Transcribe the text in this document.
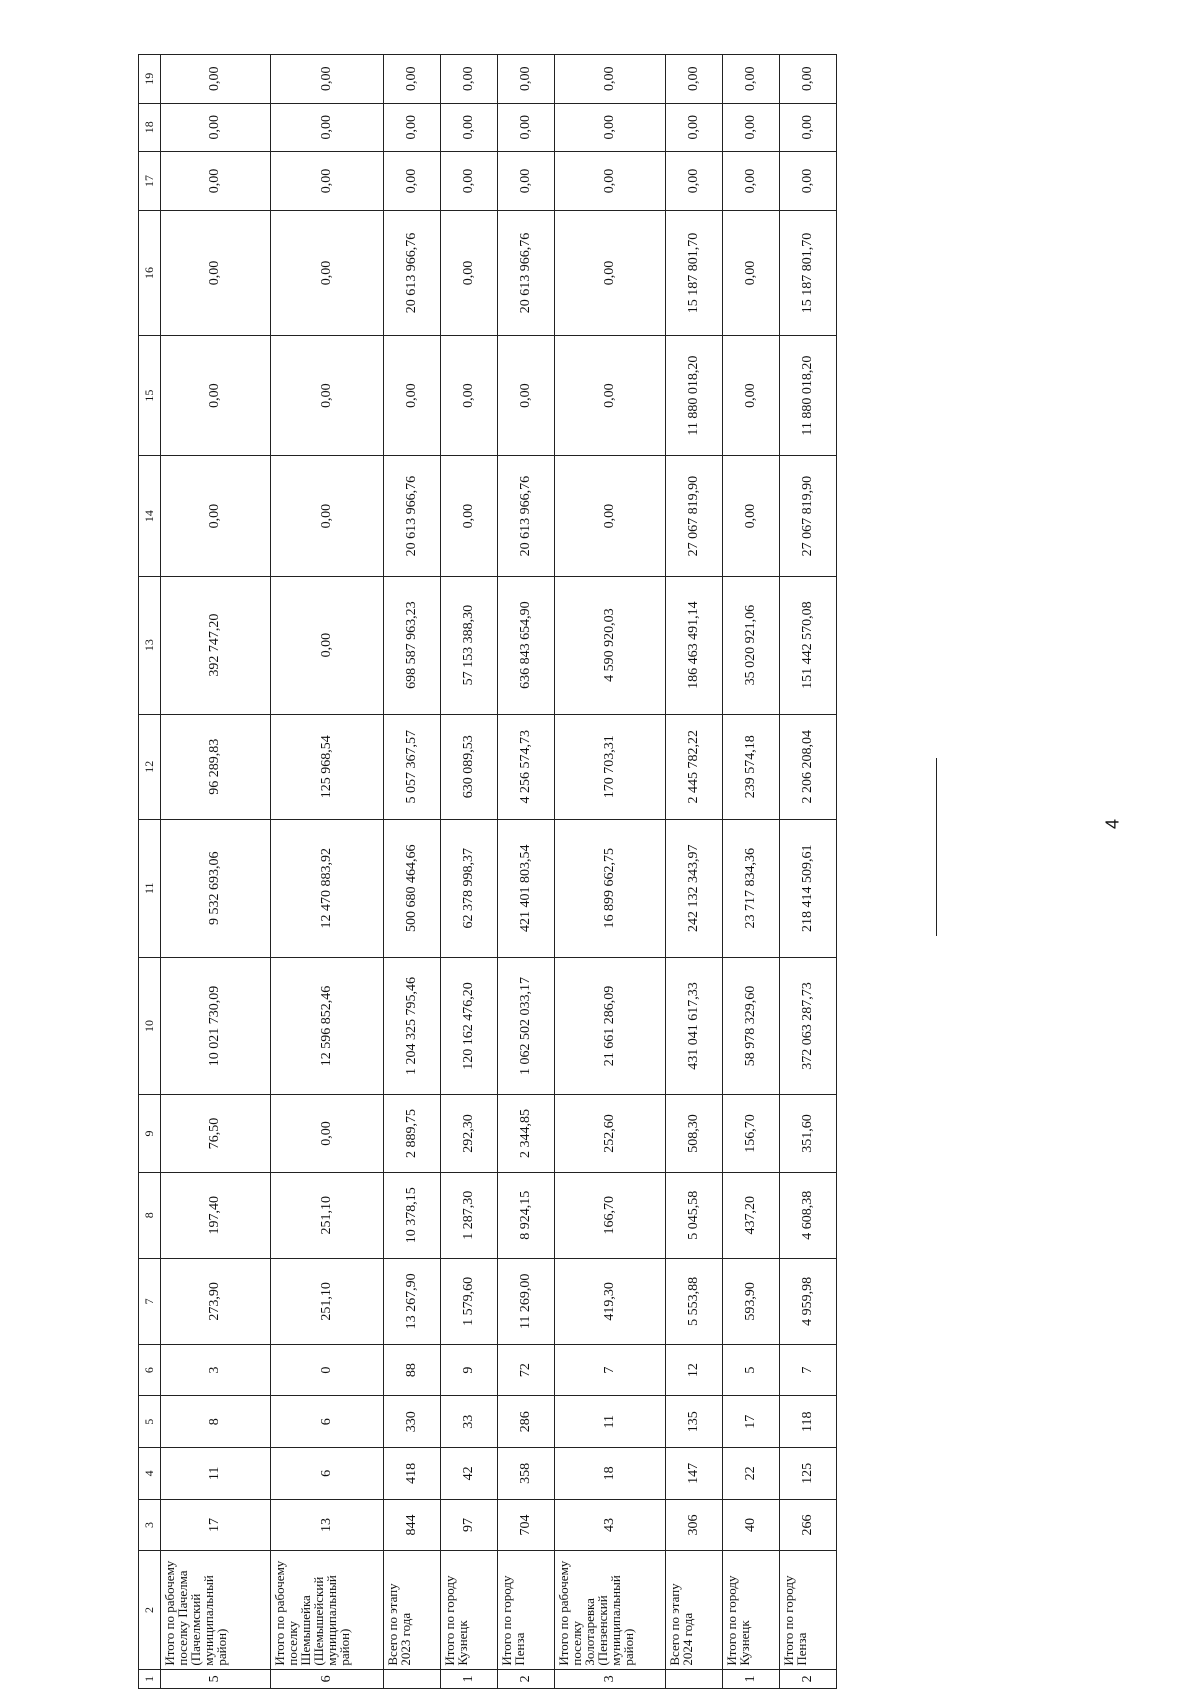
4
1	2	3	4	5	6	7	8	9	10	11	12	13	14	15	16	17	18	19
5	Итого по рабочему поселку Пачелма (Пачелмский муниципальный район)	17	11	8	3	273,90	197,40	76,50	10 021 730,09	9 532 693,06	96 289,83	392 747,20	0,00	0,00	0,00	0,00	0,00	0,00
6	Итого по рабочему поселку Шемышейка (Шемышейский муниципальный район)	13	6	6	0	251,10	251,10	0,00	12 596 852,46	12 470 883,92	125 968,54	0,00	0,00	0,00	0,00	0,00	0,00	0,00
	Всего по этапу 2023 года	844	418	330	88	13 267,90	10 378,15	2 889,75	1 204 325 795,46	500 680 464,66	5 057 367,57	698 587 963,23	20 613 966,76	0,00	20 613 966,76	0,00	0,00	0,00
1	Итого по городу Кузнецк	97	42	33	9	1 579,60	1 287,30	292,30	120 162 476,20	62 378 998,37	630 089,53	57 153 388,30	0,00	0,00	0,00	0,00	0,00	0,00
2	Итого по городу Пенза	704	358	286	72	11 269,00	8 924,15	2 344,85	1 062 502 033,17	421 401 803,54	4 256 574,73	636 843 654,90	20 613 966,76	0,00	20 613 966,76	0,00	0,00	0,00
3	Итого по рабочему поселку Золотаревка (Пензенский муниципальный район)	43	18	11	7	419,30	166,70	252,60	21 661 286,09	16 899 662,75	170 703,31	4 590 920,03	0,00	0,00	0,00	0,00	0,00	0,00
	Всего по этапу 2024 года	306	147	135	12	5 553,88	5 045,58	508,30	431 041 617,33	242 132 343,97	2 445 782,22	186 463 491,14	27 067 819,90	11 880 018,20	15 187 801,70	0,00	0,00	0,00
1	Итого по городу Кузнецк	40	22	17	5	593,90	437,20	156,70	58 978 329,60	23 717 834,36	239 574,18	35 020 921,06	0,00	0,00	0,00	0,00	0,00	0,00
2	Итого по городу Пенза	266	125	118	7	4 959,98	4 608,38	351,60	372 063 287,73	218 414 509,61	2 206 208,04	151 442 570,08	27 067 819,90	11 880 018,20	15 187 801,70	0,00	0,00	0,00
